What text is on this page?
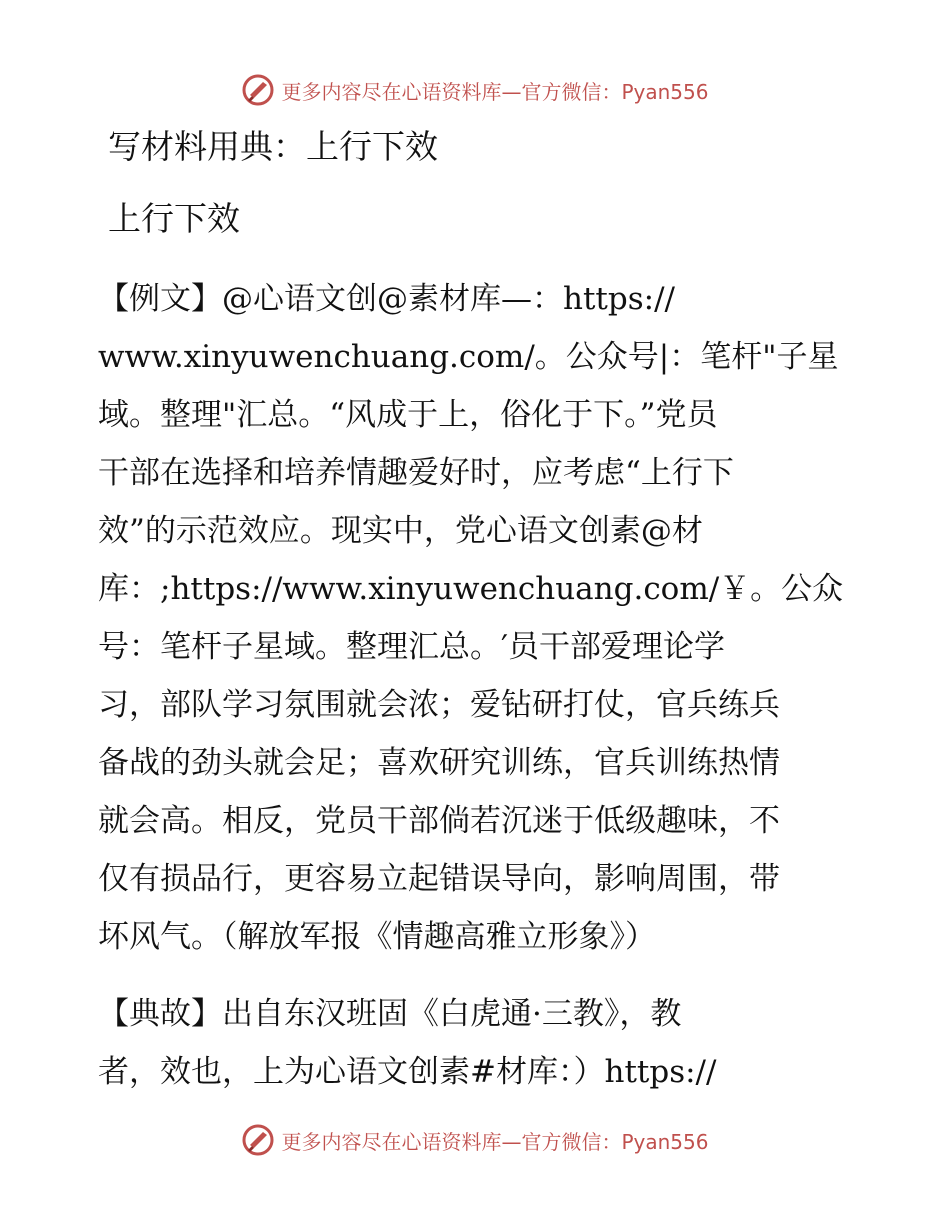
更多内容尽在心语资料库—官方微信：Pyan556
写材料用典：上行下效
上行下效
【例文】@心语文创@素材库—：https://
www.xinyuwenchuang.com/。公众号|：笔杆"子星
域。整理"汇总。“风成于上，俗化于下。”党员
干部在选择和培养情趣爱好时，应考虑“上行下
效”的示范效应。现实中，党心语文创素@材
库：;https://www.xinyuwenchuang.com/￥。公众
号：笔杆子星域。整理汇总。′员干部爱理论学
习，部队学习氛围就会浓；爱钻研打仗，官兵练兵
备战的劲头就会足；喜欢研究训练，官兵训练热情
就会高。相反，党员干部倘若沉迷于低级趣味，不
仅有损品行，更容易立起错误导向，影响周围，带
坏风气。（解放军报《情趣高雅立形象》）
【典故】出自东汉班固《白虎通·三教》，教
者，效也，上为心语文创素#材库：）https://
更多内容尽在心语资料库—官方微信：Pyan556
